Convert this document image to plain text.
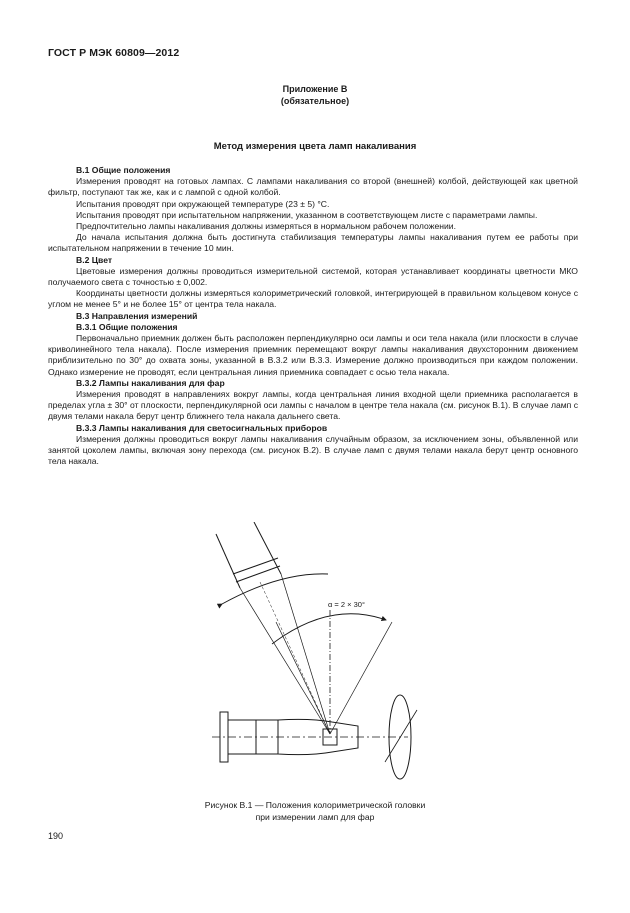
ГОСТ Р МЭК 60809—2012
Приложение В
(обязательное)
Метод измерения цвета ламп накаливания

В.1 Общие положения

Измерения проводят на готовых лампах. С лампами накаливания со второй (внешней) колбой, действующей как цветной фильтр, поступают так же, как и с лампой с одной колбой.

Испытания проводят при окружающей температуре (23 ± 5) °С.

Испытания проводят при испытательном напряжении, указанном в соответствующем листе с параметрами лампы.

Предпочтительно лампы накаливания должны измеряться в нормальном рабочем положении.

До начала испытания должна быть достигнута стабилизация температуры лампы накаливания путем ее работы при испытательном напряжении в течение 10 мин.

В.2 Цвет

Цветовые измерения должны проводиться измерительной системой, которая устанавливает координаты цветности МКО получаемого света с точностью ± 0,002.

Координаты цветности должны измеряться колориметрический головкой, интегрирующей в правильном кольцевом конусе с углом не менее 5° и не более 15° от центра тела накала.

В.3 Направления измерений

В.3.1 Общие положения

Первоначально приемник должен быть расположен перпендикулярно оси лампы и оси тела накала (или плоскости в случае криволинейного тела накала). После измерения приемник перемещают вокруг лампы накаливания двухсторонним движением приблизительно по 30° до охвата зоны, указанной в В.3.2 или В.3.3. Измерение должно производиться при каждом положении. Однако измерение не проводят, если центральная линия приемника совпадает с осью тела накала.

В.3.2 Лампы накаливания для фар

Измерения проводят в направлениях вокруг лампы, когда центральная линия входной щели приемника располагается в пределах угла ± 30° от плоскости, перпендикулярной оси лампы с началом в центре тела накала (см. рисунок В.1). В случае ламп с двумя телами накала берут центр ближнего тела накала дальнего света.

В.3.3 Лампы накаливания для светосигнальных приборов

Измерения должны проводиться вокруг лампы накаливания случайным образом, за исключением зоны, объявленной или занятой цоколем лампы, включая зону перехода (см. рисунок В.2). В случае ламп с двумя телами накала берут центр основного тела накала.

α = 2 × 30°
Рисунок В.1 — Положения колориметрической головки
при измерении ламп для фар
190
